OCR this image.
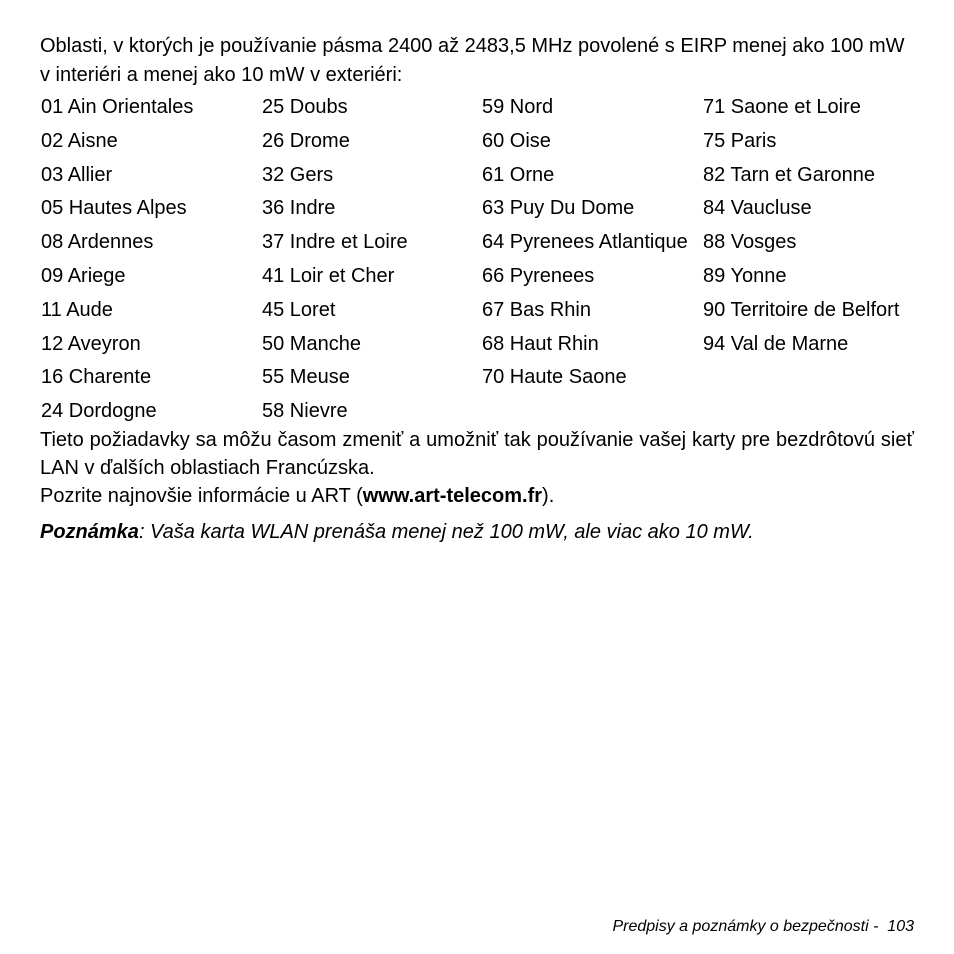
Oblasti, v ktorých je používanie pásma 2400 až 2483,5 MHz povolené s EIRP menej ako 100 mW v interiéri a menej ako 10 mW v exteriéri:

01 Ain Orientales
02 Aisne
03 Allier
05 Hautes Alpes
08 Ardennes
09 Ariege
11 Aude
12 Aveyron
16 Charente
24 Dordogne
25 Doubs
26 Drome
32 Gers
36 Indre
37 Indre et Loire
41 Loir et Cher
45 Loret
50 Manche
55 Meuse
58 Nievre
59 Nord
60 Oise
61 Orne
63 Puy Du Dome
64 Pyrenees Atlantique
66 Pyrenees
67 Bas Rhin
68 Haut Rhin
70 Haute Saone
71 Saone et Loire
75 Paris
82 Tarn et Garonne
84 Vaucluse
88 Vosges
89 Yonne
90 Territoire de Belfort
94 Val de Marne

Tieto požiadavky sa môžu časom zmeniť a umožniť tak používanie vašej karty pre bezdrôtovú sieť LAN v ďalších oblastiach Francúzska.

Pozrite najnovšie informácie u ART (www.art-telecom.fr).

Poznámka: Vaša karta WLAN prenáša menej než 100 mW, ale viac ako 10 mW.

Predpisy a poznámky o bezpečnosti - 103
